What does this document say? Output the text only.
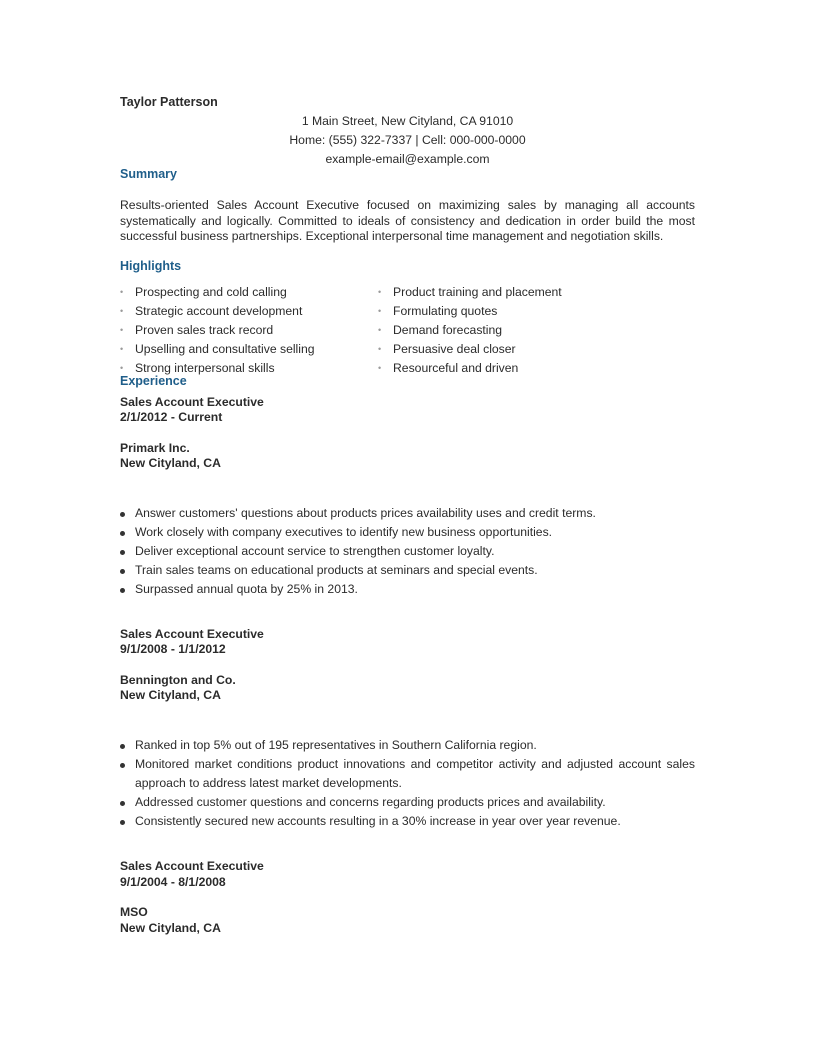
Taylor Patterson
1 Main Street, New Cityland, CA 91010
Home: (555) 322-7337 | Cell: 000-000-0000
example-email@example.com
Summary
Results-oriented Sales Account Executive focused on maximizing sales by managing all accounts systematically and logically. Committed to ideals of consistency and dedication in order build the most successful business partnerships. Exceptional interpersonal time management and negotiation skills.
Highlights
• Prospecting and cold calling
• Strategic account development
• Proven sales track record
• Upselling and consultative selling
• Strong interpersonal skills
• Product training and placement
• Formulating quotes
• Demand forecasting
• Persuasive deal closer
• Resourceful and driven
Experience
Sales Account Executive
2/1/2012 - Current
Primark Inc.
New Cityland, CA
Answer customers' questions about products prices availability uses and credit terms.
Work closely with company executives to identify new business opportunities.
Deliver exceptional account service to strengthen customer loyalty.
Train sales teams on educational products at seminars and special events.
Surpassed annual quota by 25% in 2013.
Sales Account Executive
9/1/2008 - 1/1/2012
Bennington and Co.
New Cityland, CA
Ranked in top 5% out of 195 representatives in Southern California region.
Monitored market conditions product innovations and competitor activity and adjusted account sales approach to address latest market developments.
Addressed customer questions and concerns regarding products prices and availability.
Consistently secured new accounts resulting in a 30% increase in year over year revenue.
Sales Account Executive
9/1/2004 - 8/1/2008
MSO
New Cityland, CA
